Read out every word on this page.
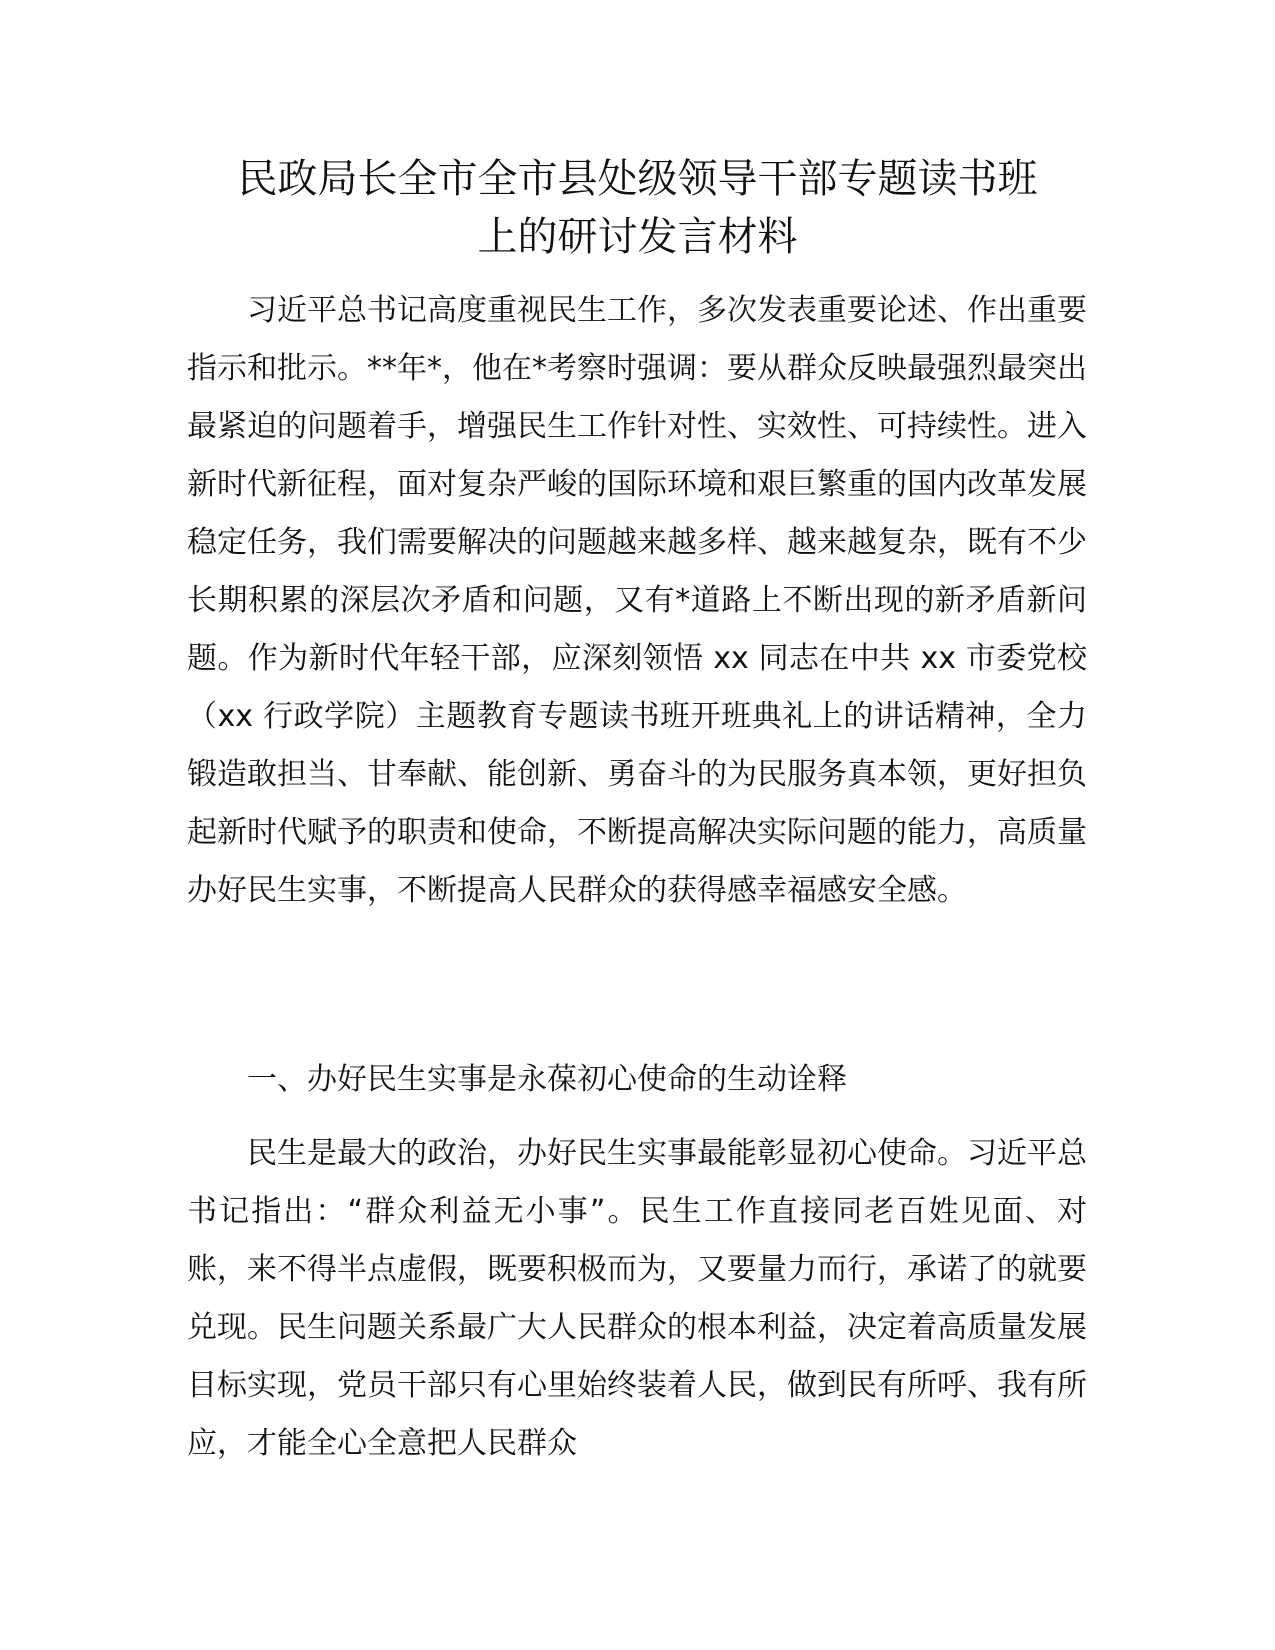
民政局长全市全市县处级领导干部专题读书班
上的研讨发言材料

习近平总书记高度重视民生工作，多次发表重要论述、作出重要指示和批示。**年*，他在*考察时强调：要从群众反映最强烈最突出最紧迫的问题着手，增强民生工作针对性、实效性、可持续性。进入新时代新征程，面对复杂严峻的国际环境和艰巨繁重的国内改革发展稳定任务，我们需要解决的问题越来越多样、越来越复杂，既有不少长期积累的深层次矛盾和问题，又有*道路上不断出现的新矛盾新问题。作为新时代年轻干部，应深刻领悟 xx 同志在中共 xx 市委党校（xx 行政学院）主题教育专题读书班开班典礼上的讲话精神，全力锻造敢担当、甘奉献、能创新、勇奋斗的为民服务真本领，更好担负起新时代赋予的职责和使命，不断提高解决实际问题的能力，高质量办好民生实事，不断提高人民群众的获得感幸福感安全感。

一、办好民生实事是永葆初心使命的生动诠释

民生是最大的政治，办好民生实事最能彰显初心使命。习近平总书记指出：“群众利益无小事”。民生工作直接同老百姓见面、对账，来不得半点虚假，既要积极而为，又要量力而行，承诺了的就要兑现。民生问题关系最广大人民群众的根本利益，决定着高质量发展目标实现，党员干部只有心里始终装着人民，做到民有所呼、我有所应，才能全心全意把人民群众
